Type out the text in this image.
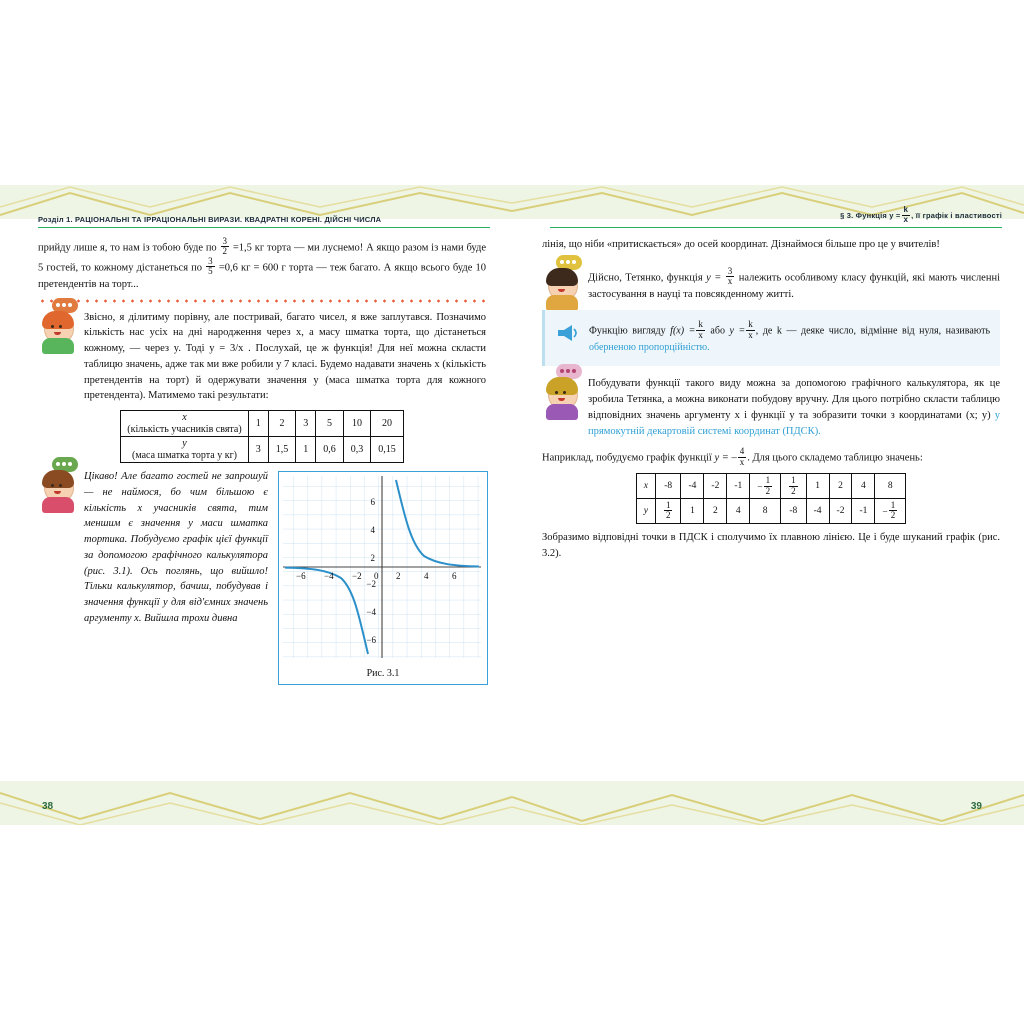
Розділ 1. РАЦІОНАЛЬНІ ТА ІРРАЦІОНАЛЬНІ ВИРАЗИ. КВАДРАТНІ КОРЕНІ. ДІЙСНІ ЧИСЛА

прийду лише я, то нам із тобою буде по $\frac{3}{2} =1,5$ кг торта — ми луснемо! А якщо разом із нами буде 5 гостей, то кожному дістанеться по $\frac{3}{5} =0,6$ кг = 600 г торта — теж багато. А якщо всього буде 10 претендентів на торт...

Звісно, я ділитиму порівну, але постривай, багато чисел, я вже заплутався. Позначимо кількість нас усіх на дні народження через x, а масу шматка торта, що дістанеться кожному, — через y. Тоді y = 3/x . Послухай, це ж функція! Для неї можна скласти таблицю значень, адже так ми вже робили у 7 класі. Будемо надавати значень x (кількість претендентів на торт) й одержувати значення y (маса шматка торта для кожного претендента). Матимемо такі результати:

x
(кількість учасників свята)	1	2	3	5	10	20
y
(маса шматка торта у кг)	3	1,5	1	0,6	0,3	0,15
6
4
2
−2
−4
−6
−6 −4 −2 0 2	4	6
Рис. 3.1

Цікаво! Але багато гостей не запрошуй — не наймося, бо чим більшою є кількість x учасників свята, тим меншим є значення y маси шматка тортика. Побудуємо графік цієї функції за допомогою графічного калькулятора (рис. 3.1). Ось поглянь, що вийшло! Тільки калькулятор, бачиш, побудував і значення функції y для від'ємних значень аргументу x. Вийшла трохи дивна

38
§ 3. Функція $y = \frac{k}{x}$ , її графік і властивості

лінія, що ніби «притискається» до осей координат. Дізнаймося більше про це у вчителів!

Дійсно, Тетянко, функція $y = \frac{3}{x}$ належить особливому класу функцій, які мають численні застосування в науці та повсякденному житті.

Функцію вигляду $f(x) = \frac{k}{x}$ або $y = \frac{k}{x}$ , де k — деяке число, відмінне від нуля, називають оберненою пропорційністю.

Побудувати функції такого виду можна за допомогою графічного калькулятора, як це зробила Тетянка, а можна виконати побудову вручну. Для цього потрібно скласти таблицю відповідних значень аргументу x і функції y та зобразити точки з координатами (x; y) у прямокутній декартовій системі координат (ПДСК).

Наприклад, побудуємо графік функції y = – $\frac{4}{x}$ . Для цього складемо таблицю значень:

x	-8	-4	-2	-1	− $\frac{1}{2}$	$\frac{1}{2}$	1	2	4	8
y	$\frac{1}{2}$	1	2	4	8	-8	-4	-2	-1	− $\frac{1}{2}$

Зобразимо відповідні точки в ПДСК і сполучимо їх плавною лінією. Це і буде шуканий графік (рис. 3.2).

39
